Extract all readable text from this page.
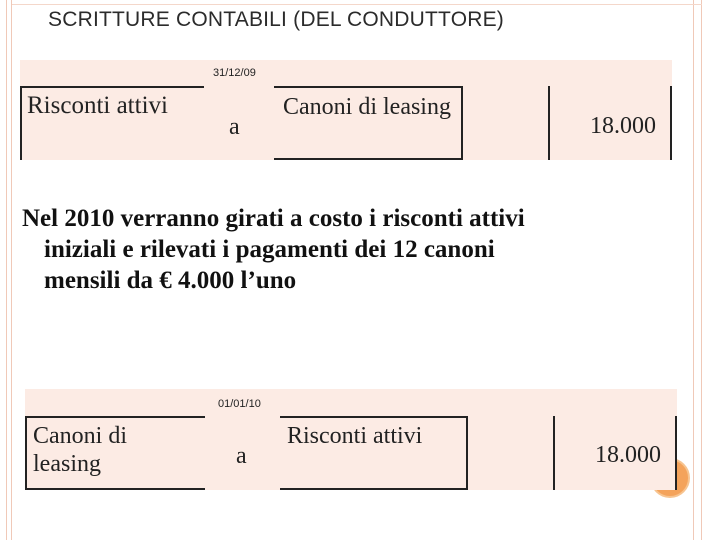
SCRITTURE CONTABILI (DEL CONDUTTORE)
31/12/09
Risconti attivi
a
Canoni di leasing
18.000
Nel 2010 verranno girati a costo i risconti attivi
iniziali e rilevati i pagamenti dei 12 canoni
mensili da € 4.000 l’uno
01/01/10
Canoni di leasing	a
Risconti attivi
18.000
